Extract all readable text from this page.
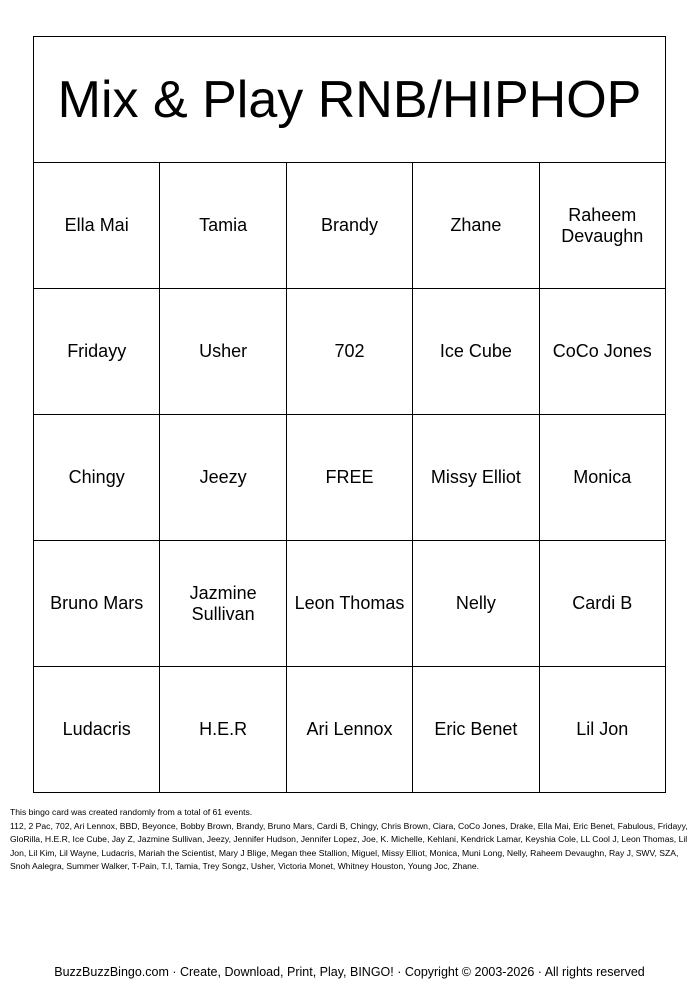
Mix & Play RNB/HIPHOP				
Ella Mai	Tamia	Brandy	Zhane	Raheem Devaughn
Fridayy	Usher	702	Ice Cube	CoCo Jones
Chingy	Jeezy	FREE	Missy Elliot	Monica
Bruno Mars	Jazmine Sullivan	Leon Thomas	Nelly	Cardi B
Ludacris	H.E.R	Ari Lennox	Eric Benet	Lil Jon

This bingo card was created randomly from a total of 61 events.

112, 2 Pac, 702, Ari Lennox, BBD, Beyonce, Bobby Brown, Brandy, Bruno Mars, Cardi B, Chingy, Chris Brown, Ciara, CoCo Jones, Drake, Ella Mai, Eric Benet, Fabulous, Fridayy, GloRilla, H.E.R, Ice Cube, Jay Z, Jazmine Sullivan, Jeezy, Jennifer Hudson, Jennifer Lopez, Joe, K. Michelle, Kehlani, Kendrick Lamar, Keyshia Cole, LL Cool J, Leon Thomas, Lil Jon, Lil Kim, Lil Wayne, Ludacris, Mariah the Scientist, Mary J Blige, Megan thee Stallion, Miguel, Missy Elliot, Monica, Muni Long, Nelly, Raheem Devaughn, Ray J, SWV, SZA, Snoh Aalegra, Summer Walker, T-Pain, T.I, Tamia, Trey Songz, Usher, Victoria Monet, Whitney Houston, Young Joc, Zhane.

BuzzBuzzBingo.com · Create, Download, Print, Play, BINGO! · Copyright © 2003-2026 · All rights reserved
